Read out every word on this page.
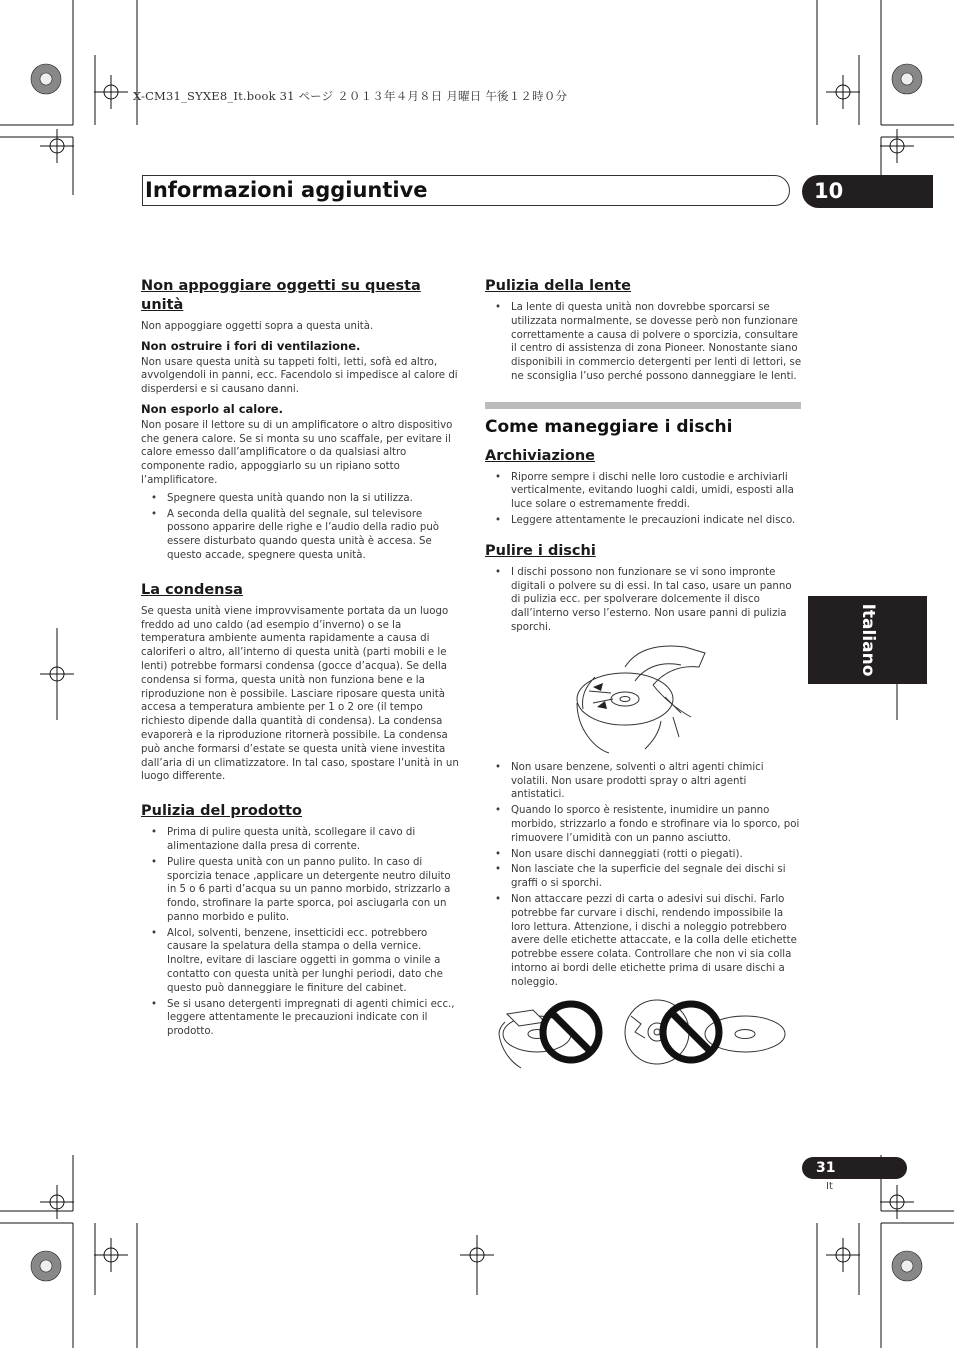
X-CM31_SYXE8_It.book 31 ページ ２０１３年４月８日 月曜日 午後１２時０分
Informazioni aggiuntive	10
Italiano
Non appoggiare oggetti su questa unità

Non appoggiare oggetti sopra a questa unità.

Non ostruire i fori di ventilazione.

Non usare questa unità su tappeti folti, letti, sofà ed altro, avvolgendoli in panni, ecc. Facendolo si impedisce al calore di disperdersi e si causano danni.

Non esporlo al calore.

Non posare il lettore su di un amplificatore o altro dispositivo che genera calore. Se si monta su uno scaffale, per evitare il calore emesso dall’amplificatore o da qualsiasi altro componente radio, appoggiarlo su un ripiano sotto l’amplificatore.

• Spegnere questa unità quando non la si utilizza.
• A seconda della qualità del segnale, sul televisore possono apparire delle righe e l’audio della radio può essere disturbato quando questa unità è accesa. Se questo accade, spegnere questa unità.
La condensa

Se questa unità viene improvvisamente portata da un luogo freddo ad uno caldo (ad esempio d’inverno) o se la temperatura ambiente aumenta rapidamente a causa di caloriferi o altro, all’interno di questa unità (parti mobili e le lenti) potrebbe formarsi condensa (gocce d’acqua). Se della condensa si forma, questa unità non funziona bene e la riproduzione non è possibile. Lasciare riposare questa unità accesa a temperatura ambiente per 1 o 2 ore (il tempo richiesto dipende dalla quantità di condensa). La condensa evaporerà e la riproduzione ritornerà possibile. La condensa può anche formarsi d’estate se questa unità viene investita dall’aria di un climatizzatore. In tal caso, spostare l’unità in un luogo differente.

Pulizia del prodotto
• Prima di pulire questa unità, scollegare il cavo di alimentazione dalla presa di corrente.
• Pulire questa unità con un panno pulito. In caso di sporcizia tenace ,applicare un detergente neutro diluito in 5 o 6 parti d’acqua su un panno morbido, strizzarlo a fondo, strofinare la parte sporca, poi asciugarla con un panno morbido e pulito.
• Alcol, solventi, benzene, insetticidi ecc. potrebbero causare la spelatura della stampa o della vernice. Inoltre, evitare di lasciare oggetti in gomma o vinile a contatto con questa unità per lunghi periodi, dato che questo può danneggiare le finiture del cabinet.
• Se si usano detergenti impregnati di agenti chimici ecc., leggere attentamente le precauzioni indicate con il prodotto.
Pulizia della lente
• La lente di questa unità non dovrebbe sporcarsi se utilizzata normalmente, se dovesse però non funzionare correttamente a causa di polvere o sporcizia, consultare il centro di assistenza di zona Pioneer. Nonostante siano disponibili in commercio detergenti per lenti di lettori, se ne sconsiglia l’uso perché possono danneggiare le lenti.
Come maneggiare i dischi
Archiviazione
• Riporre sempre i dischi nelle loro custodie e archiviarli verticalmente, evitando luoghi caldi, umidi, esposti alla luce solare o estremamente freddi.
• Leggere attentamente le precauzioni indicate nel disco.
Pulire i dischi
• I dischi possono non funzionare se vi sono impronte digitali o polvere su di essi. In tal caso, usare un panno di pulizia ecc. per spolverare dolcemente il disco dall’interno verso l’esterno. Non usare panni di pulizia sporchi.
• Non usare benzene, solventi o altri agenti chimici volatili. Non usare prodotti spray o altri agenti antistatici.
• Quando lo sporco è resistente, inumidire un panno morbido, strizzarlo a fondo e strofinare via lo sporco, poi rimuovere l’umidità con un panno asciutto.
• Non usare dischi danneggiati (rotti o piegati).
• Non lasciate che la superficie del segnale dei dischi si graffi o si sporchi.
• Non attaccare pezzi di carta o adesivi sui dischi. Farlo potrebbe far curvare i dischi, rendendo impossibile la loro lettura. Attenzione, i dischi a noleggio potrebbero avere delle etichette attaccate, e la colla delle etichette potrebbe essere colata. Controllare che non vi sia colla intorno ai bordi delle etichette prima di usare dischi a noleggio.
31
It
